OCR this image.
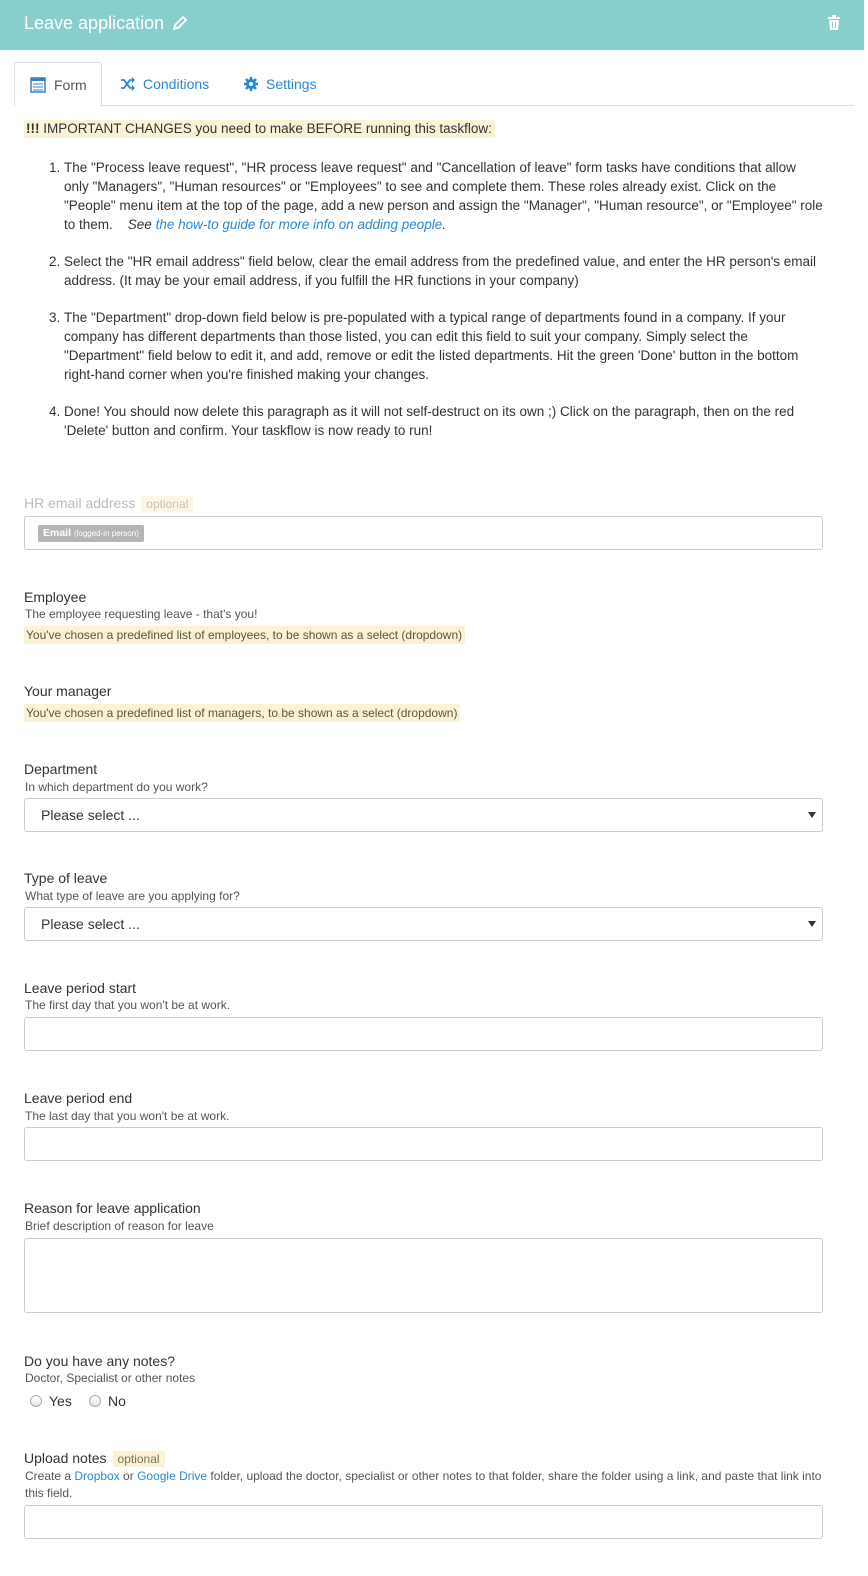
Leave application
Form	Conditions	Settings
!!! IMPORTANT CHANGES you need to make BEFORE running this taskflow:
1. The "Process leave request", "HR process leave request" and "Cancellation of leave" form tasks have conditions that allow only "Managers", "Human resources" or "Employees" to see and complete them. These roles already exist. Click on the "People" menu item at the top of the page, add a new person and assign the "Manager", "Human resource", or "Employee" role to them. See the how-to guide for more info on adding people.
2. Select the "HR email address" field below, clear the email address from the predefined value, and enter the HR person's email address. (It may be your email address, if you fulfill the HR functions in your company)
3. The "Department" drop-down field below is pre-populated with a typical range of departments found in a company. If your company has different departments than those listed, you can edit this field to suit your company. Simply select the "Department" field below to edit it, and add, remove or edit the listed departments. Hit the green 'Done' button in the bottom right-hand corner when you're finished making your changes.
4. Done! You should now delete this paragraph as it will not self-destruct on its own ;) Click on the paragraph, then on the red 'Delete' button and confirm. Your taskflow is now ready to run!
HR email address optional
Email (logged-in person)
Employee
The employee requesting leave - that's you!
You've chosen a predefined list of employees, to be shown as a select (dropdown)
Your manager
You've chosen a predefined list of managers, to be shown as a select (dropdown)
Department
In which department do you work?
Please select ...
Type of leave
What type of leave are you applying for?
Please select ...
Leave period start
The first day that you won't be at work.
Leave period end
The last day that you won't be at work.
Reason for leave application
Brief description of reason for leave
Do you have any notes?
Doctor, Specialist or other notes
Yes	No
Upload notes optional
Create a Dropbox or Google Drive folder, upload the doctor, specialist or other notes to that folder, share the folder using a link, and paste that link into this field.
